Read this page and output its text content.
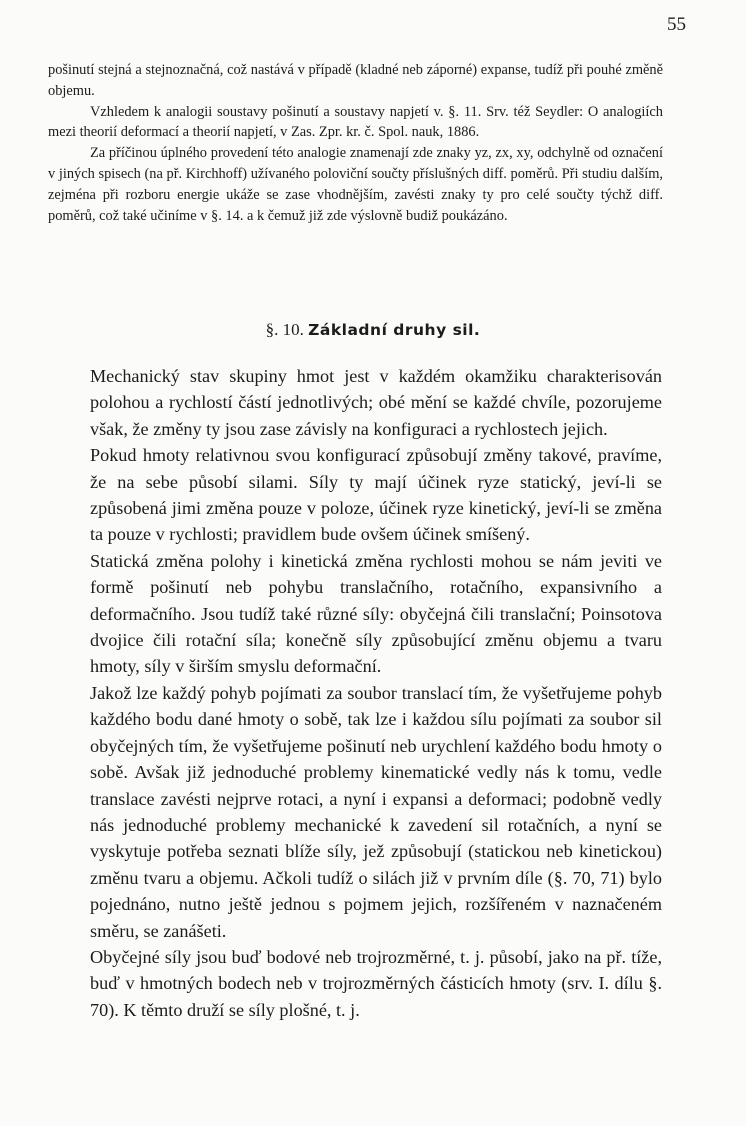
55

pošinutí stejná a stejnoznačná, což nastává v případě (kladné neb záporné) expanse, tudíž při pouhé změně objemu.

Vzhledem k analogii soustavy pošinutí a soustavy napjetí v. §. 11. Srv. též Seydler: O analogiích mezi theorií deformací a theorií napjetí, v Zas. Zpr. kr. č. Spol. nauk, 1886.

Za příčinou úplného provedení této analogie znamenají zde znaky yz, zx, xy, odchylně od označení v jiných spisech (na př. Kirchhoff) užívaného poloviční součty příslušných diff. poměrů. Při studiu dalším, zejména při rozboru energie ukáže se zase vhodnějším, zavésti znaky ty pro celé součty týchž diff. poměrů, což také učiníme v §. 14. a k čemuž již zde výslovně budiž poukázáno.

§. 10. Základní druhy sil.

Mechanický stav skupiny hmot jest v každém okamžiku charakterisován polohou a rychlostí částí jednotlivých; obé mění se každé chvíle, pozorujeme však, že změny ty jsou zase závisly na konfiguraci a rychlostech jejich.

Pokud hmoty relativnou svou konfigurací způsobují změny takové, pravíme, že na sebe působí silami. Síly ty mají účinek ryze statický, jeví-li se způsobená jimi změna pouze v poloze, účinek ryze kinetický, jeví-li se změna ta pouze v rychlosti; pravidlem bude ovšem účinek smíšený.

Statická změna polohy i kinetická změna rychlosti mohou se nám jeviti ve formě pošinutí neb pohybu translačního, rotačního, expansivního a deformačního. Jsou tudíž také různé síly: obyčejná čili translační; Poinsotova dvojice čili rotační síla; konečně síly způsobující změnu objemu a tvaru hmoty, síly v širším smyslu deformační.

Jakož lze každý pohyb pojímati za soubor translací tím, že vyšetřujeme pohyb každého bodu dané hmoty o sobě, tak lze i každou sílu pojímati za soubor sil obyčejných tím, že vyšetřujeme pošinutí neb urychlení každého bodu hmoty o sobě. Avšak již jednoduché problemy kinematické vedly nás k tomu, vedle translace zavésti nejprve rotaci, a nyní i expansi a deformaci; podobně vedly nás jednoduché problemy mechanické k zavedení sil rotačních, a nyní se vyskytuje potřeba seznati blíže síly, jež způsobují (statickou neb kinetickou) změnu tvaru a objemu. Ačkoli tudíž o silách již v prvním díle (§. 70, 71) bylo pojednáno, nutno ještě jednou s pojmem jejich, rozšířeném v naznačeném směru, se zanášeti.

Obyčejné síly jsou buď bodové neb trojrozměrné, t. j. působí, jako na př. tíže, buď v hmotných bodech neb v trojrozměrných částicích hmoty (srv. I. dílu §. 70). K těmto druží se síly plošné, t. j.
